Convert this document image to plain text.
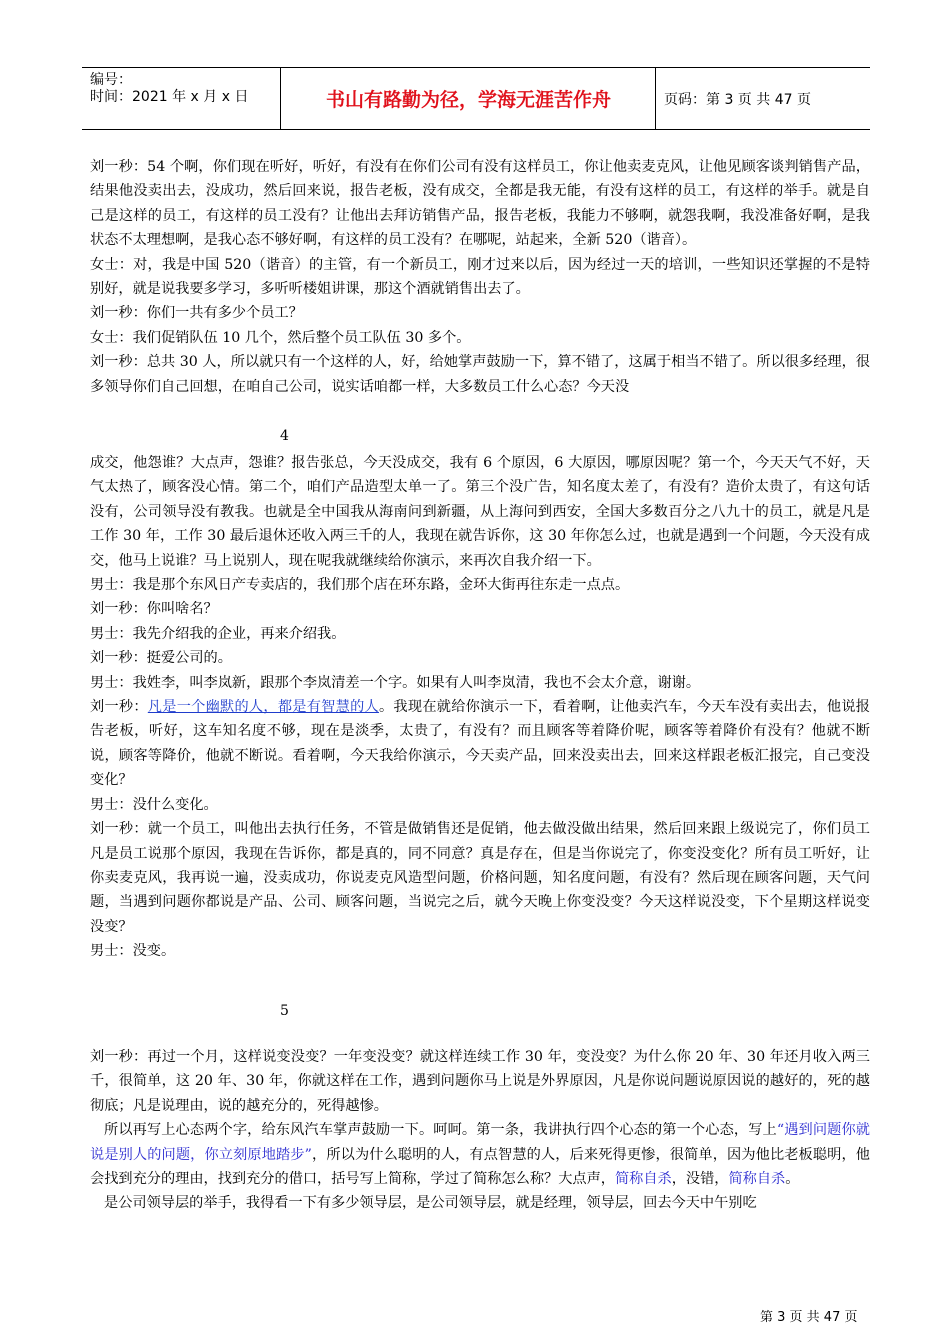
编号：
时间：2021 年 x 月 x 日	书山有路勤为径，学海无涯苦作舟	页码：第 3 页 共 47 页

刘一秒：54 个啊，你们现在听好，听好，有没有在你们公司有没有这样员工，你让他卖麦克风，让他见顾客谈判销售产品，结果他没卖出去，没成功，然后回来说，报告老板，没有成交，全都是我无能，有没有这样的员工，有这样的举手。就是自己是这样的员工，有这样的员工没有？让他出去拜访销售产品，报告老板，我能力不够啊，就怨我啊，我没准备好啊，是我状态不太理想啊，是我心态不够好啊，有这样的员工没有？在哪呢，站起来，全新 520（谐音）。

女士：对，我是中国 520（谐音）的主管，有一个新员工，刚才过来以后，因为经过一天的培训，一些知识还掌握的不是特别好，就是说我要多学习，多听听楼姐讲课，那这个酒就销售出去了。

刘一秒：你们一共有多少个员工？

女士：我们促销队伍 10 几个，然后整个员工队伍 30 多个。

刘一秒：总共 30 人，所以就只有一个这样的人，好，给她掌声鼓励一下，算不错了，这属于相当不错了。所以很多经理，很多领导你们自己回想，在咱自己公司，说实话咱都一样，大多数员工什么心态？今天没

4

成交，他怨谁？大点声，怨谁？报告张总，今天没成交，我有 6 个原因，6 大原因，哪原因呢？第一个，今天天气不好，天气太热了，顾客没心情。第二个，咱们产品造型太单一了。第三个没广告，知名度太差了，有没有？造价太贵了，有这句话没有，公司领导没有教我。也就是全中国我从海南问到新疆，从上海问到西安，全国大多数百分之八九十的员工，就是凡是工作 30 年，工作 30 最后退休还收入两三千的人，我现在就告诉你，这 30 年你怎么过，也就是遇到一个问题，今天没有成交，他马上说谁？马上说别人，现在呢我就继续给你演示，来再次自我介绍一下。

男士：我是那个东风日产专卖店的，我们那个店在环东路，金环大街再往东走一点点。

刘一秒：你叫啥名？

男士：我先介绍我的企业，再来介绍我。

刘一秒：挺爱公司的。

男士：我姓李，叫李岚新，跟那个李岚清差一个字。如果有人叫李岚清，我也不会太介意，谢谢。

刘一秒：凡是一个幽默的人，都是有智慧的人。我现在就给你演示一下，看着啊，让他卖汽车，今天车没有卖出去，他说报告老板，听好，这车知名度不够，现在是淡季，太贵了，有没有？而且顾客等着降价呢，顾客等着降价有没有？他就不断说，顾客等降价，他就不断说。看着啊，今天我给你演示，今天卖产品，回来没卖出去，回来这样跟老板汇报完，自己变没变化？

男士：没什么变化。

刘一秒：就一个员工，叫他出去执行任务，不管是做销售还是促销，他去做没做出结果，然后回来跟上级说完了，你们员工凡是员工说那个原因，我现在告诉你，都是真的，同不同意？真是存在，但是当你说完了，你变没变化？所有员工听好，让你卖麦克风，我再说一遍，没卖成功，你说麦克风造型问题，价格问题，知名度问题，有没有？然后现在顾客问题，天气问题，当遇到问题你都说是产品、公司、顾客问题，当说完之后，就今天晚上你变没变？今天这样说没变，下个星期这样说变没变？

男士：没变。

5

刘一秒：再过一个月，这样说变没变？一年变没变？就这样连续工作 30 年，变没变？为什么你 20 年、30 年还月收入两三千，很简单，这 20 年、30 年，你就这样在工作，遇到问题你马上说是外界原因，凡是你说问题说原因说的越好的，死的越彻底；凡是说理由，说的越充分的，死得越惨。

所以再写上心态两个字，给东风汽车掌声鼓励一下。呵呵。第一条，我讲执行四个心态的第一个心态，写上“遇到问题你就说是别人的问题，你立刻原地踏步”，所以为什么聪明的人，有点智慧的人，后来死得更惨，很简单，因为他比老板聪明，他会找到充分的理由，找到充分的借口，括号写上简称，学过了简称怎么称？大点声，简称自杀，没错，简称自杀。

是公司领导层的举手，我得看一下有多少领导层，是公司领导层，就是经理，领导层，回去今天中午别吃

第 3 页 共 47 页
